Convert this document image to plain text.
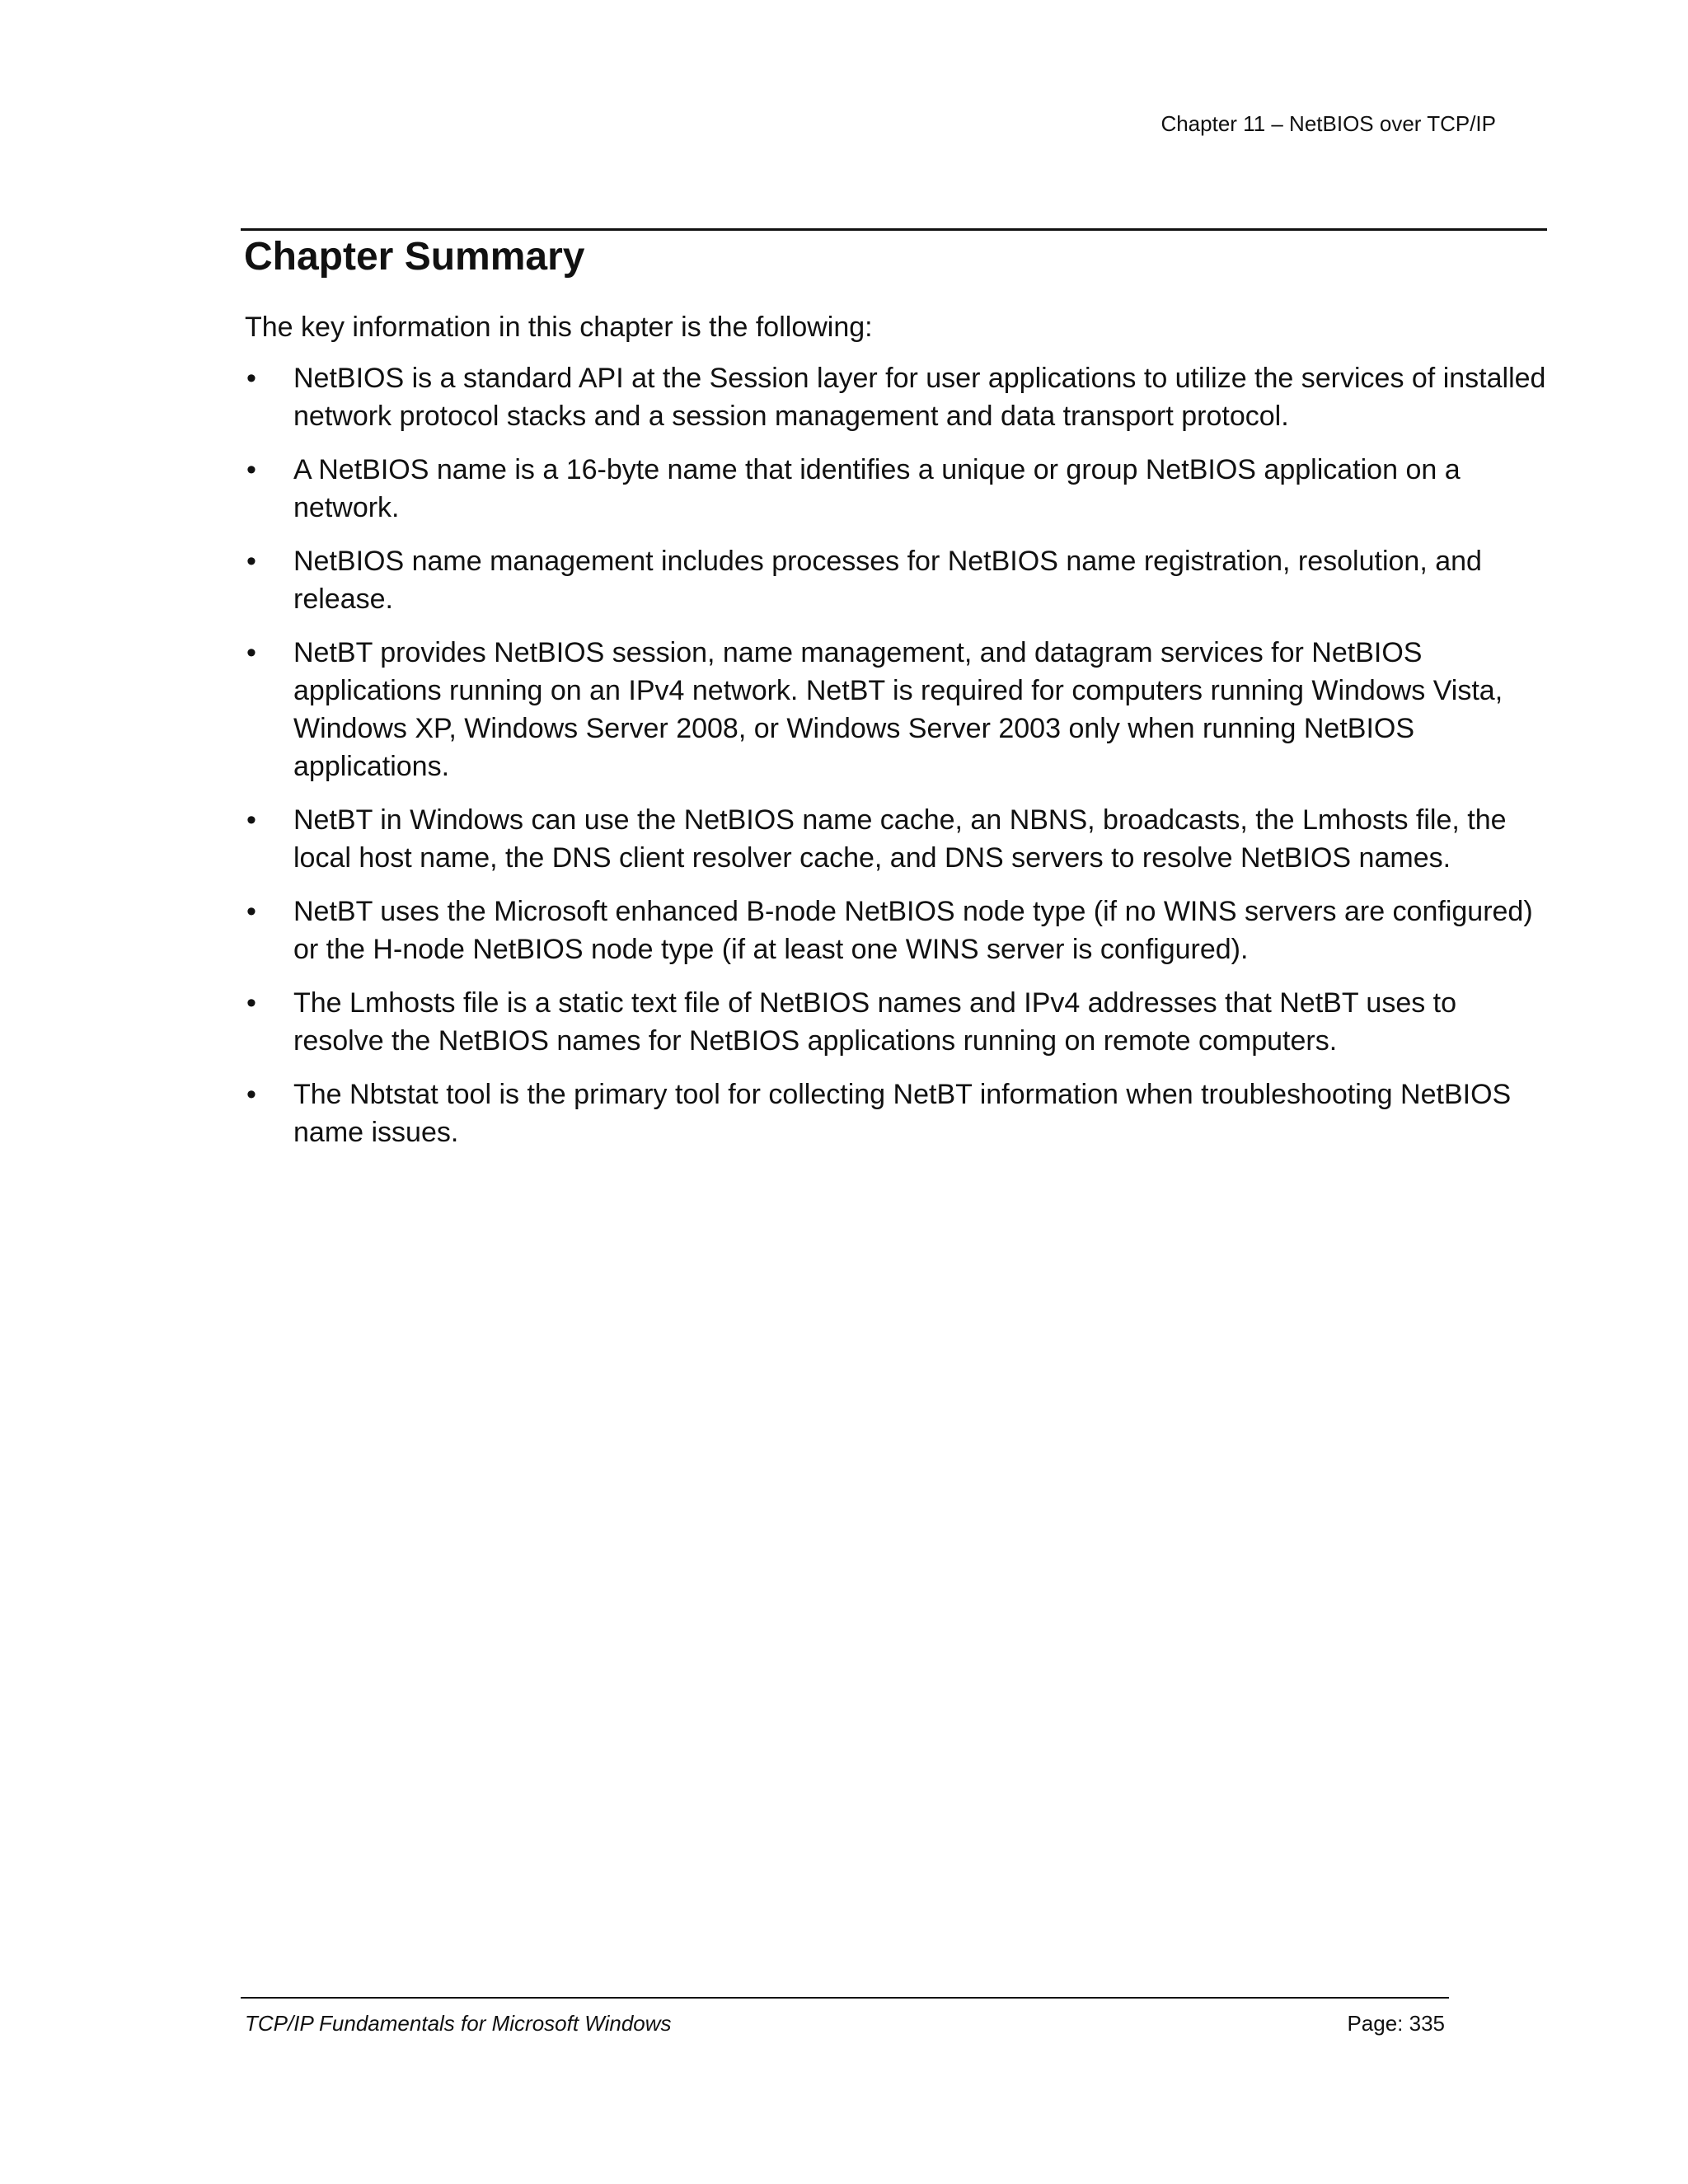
Chapter 11 – NetBIOS over TCP/IP
Chapter Summary

The key information in this chapter is the following:

• NetBIOS is a standard API at the Session layer for user applications to utilize the services of installed network protocol stacks and a session management and data transport protocol.
• A NetBIOS name is a 16-byte name that identifies a unique or group NetBIOS application on a network.
• NetBIOS name management includes processes for NetBIOS name registration, resolution, and release.
• NetBT provides NetBIOS session, name management, and datagram services for NetBIOS applications running on an IPv4 network. NetBT is required for computers running Windows Vista, Windows XP, Windows Server 2008, or Windows Server 2003 only when running NetBIOS applications.
• NetBT in Windows can use the NetBIOS name cache, an NBNS, broadcasts, the Lmhosts file, the local host name, the DNS client resolver cache, and DNS servers to resolve NetBIOS names.
• NetBT uses the Microsoft enhanced B-node NetBIOS node type (if no WINS servers are configured) or the H-node NetBIOS node type (if at least one WINS server is configured).
• The Lmhosts file is a static text file of NetBIOS names and IPv4 addresses that NetBT uses to resolve the NetBIOS names for NetBIOS applications running on remote computers.
• The Nbtstat tool is the primary tool for collecting NetBT information when troubleshooting NetBIOS name issues.
TCP/IP Fundamentals for Microsoft Windows	Page: 335
